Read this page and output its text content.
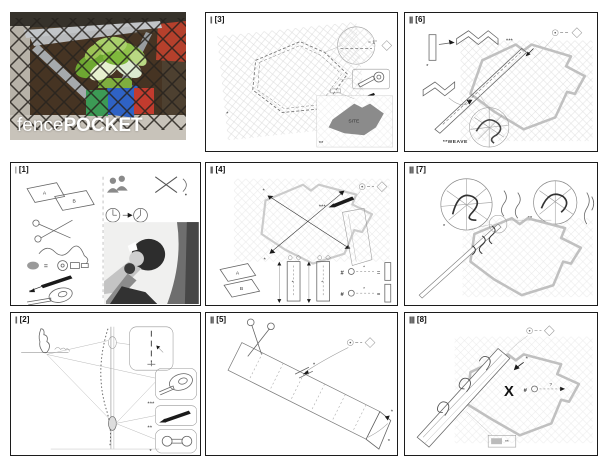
fencePOCKET
|| [3]
= 1"
*
SITE
**
|||| [6]
*
***
**WEAVE
| [1]
A
B
=
||| [4]
*
*
***
A
B
*	*
#
*
=
#
*
=
||||| [7]
*
**
|| [2]
***
**
*
|||| [5]
*
*
*
|||||| [8]
*
X #
?
**
